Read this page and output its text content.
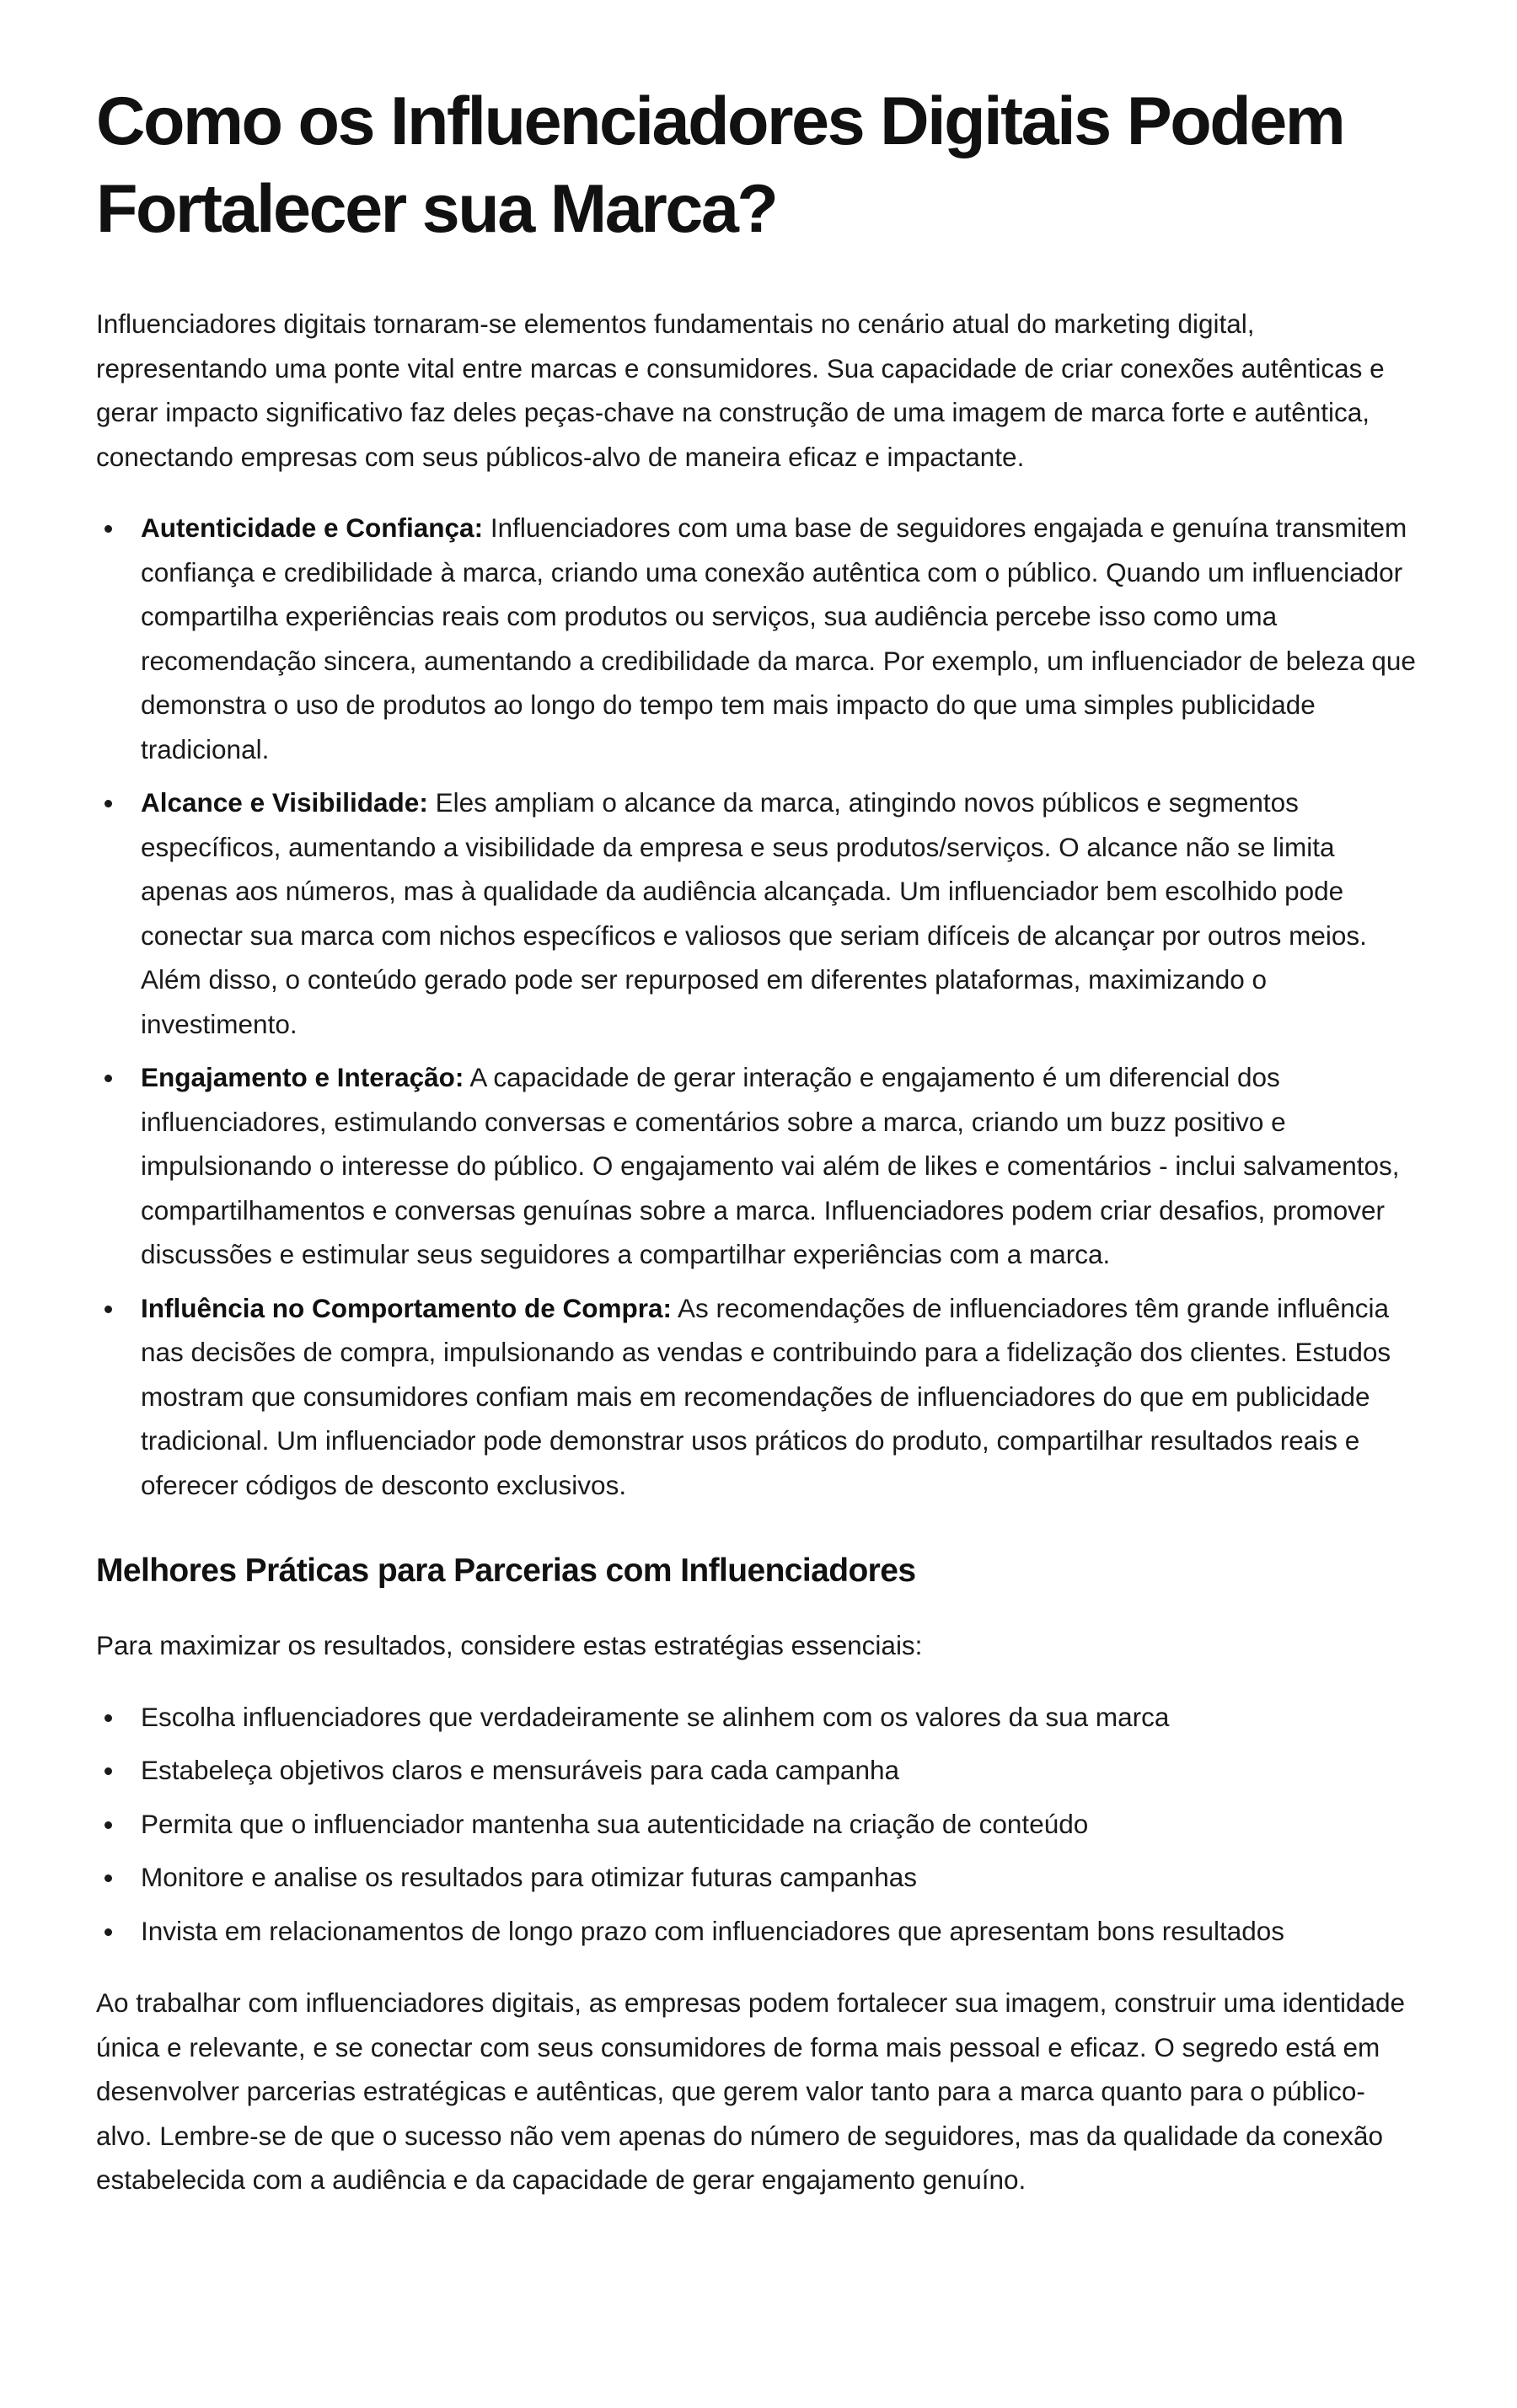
Como os Influenciadores Digitais Podem Fortalecer sua Marca?

Influenciadores digitais tornaram-se elementos fundamentais no cenário atual do marketing digital, representando uma ponte vital entre marcas e consumidores. Sua capacidade de criar conexões autênticas e gerar impacto significativo faz deles peças-chave na construção de uma imagem de marca forte e autêntica, conectando empresas com seus públicos-alvo de maneira eficaz e impactante.

Autenticidade e Confiança: Influenciadores com uma base de seguidores engajada e genuína transmitem confiança e credibilidade à marca, criando uma conexão autêntica com o público. Quando um influenciador compartilha experiências reais com produtos ou serviços, sua audiência percebe isso como uma recomendação sincera, aumentando a credibilidade da marca. Por exemplo, um influenciador de beleza que demonstra o uso de produtos ao longo do tempo tem mais impacto do que uma simples publicidade tradicional.
Alcance e Visibilidade: Eles ampliam o alcance da marca, atingindo novos públicos e segmentos específicos, aumentando a visibilidade da empresa e seus produtos/serviços. O alcance não se limita apenas aos números, mas à qualidade da audiência alcançada. Um influenciador bem escolhido pode conectar sua marca com nichos específicos e valiosos que seriam difíceis de alcançar por outros meios. Além disso, o conteúdo gerado pode ser repurposed em diferentes plataformas, maximizando o investimento.
Engajamento e Interação: A capacidade de gerar interação e engajamento é um diferencial dos influenciadores, estimulando conversas e comentários sobre a marca, criando um buzz positivo e impulsionando o interesse do público. O engajamento vai além de likes e comentários - inclui salvamentos, compartilhamentos e conversas genuínas sobre a marca. Influenciadores podem criar desafios, promover discussões e estimular seus seguidores a compartilhar experiências com a marca.
Influência no Comportamento de Compra: As recomendações de influenciadores têm grande influência nas decisões de compra, impulsionando as vendas e contribuindo para a fidelização dos clientes. Estudos mostram que consumidores confiam mais em recomendações de influenciadores do que em publicidade tradicional. Um influenciador pode demonstrar usos práticos do produto, compartilhar resultados reais e oferecer códigos de desconto exclusivos.
Melhores Práticas para Parcerias com Influenciadores

Para maximizar os resultados, considere estas estratégias essenciais:

Escolha influenciadores que verdadeiramente se alinhem com os valores da sua marca
Estabeleça objetivos claros e mensuráveis para cada campanha
Permita que o influenciador mantenha sua autenticidade na criação de conteúdo
Monitore e analise os resultados para otimizar futuras campanhas
Invista em relacionamentos de longo prazo com influenciadores que apresentam bons resultados

Ao trabalhar com influenciadores digitais, as empresas podem fortalecer sua imagem, construir uma identidade única e relevante, e se conectar com seus consumidores de forma mais pessoal e eficaz. O segredo está em desenvolver parcerias estratégicas e autênticas, que gerem valor tanto para a marca quanto para o público-alvo. Lembre-se de que o sucesso não vem apenas do número de seguidores, mas da qualidade da conexão estabelecida com a audiência e da capacidade de gerar engajamento genuíno.
